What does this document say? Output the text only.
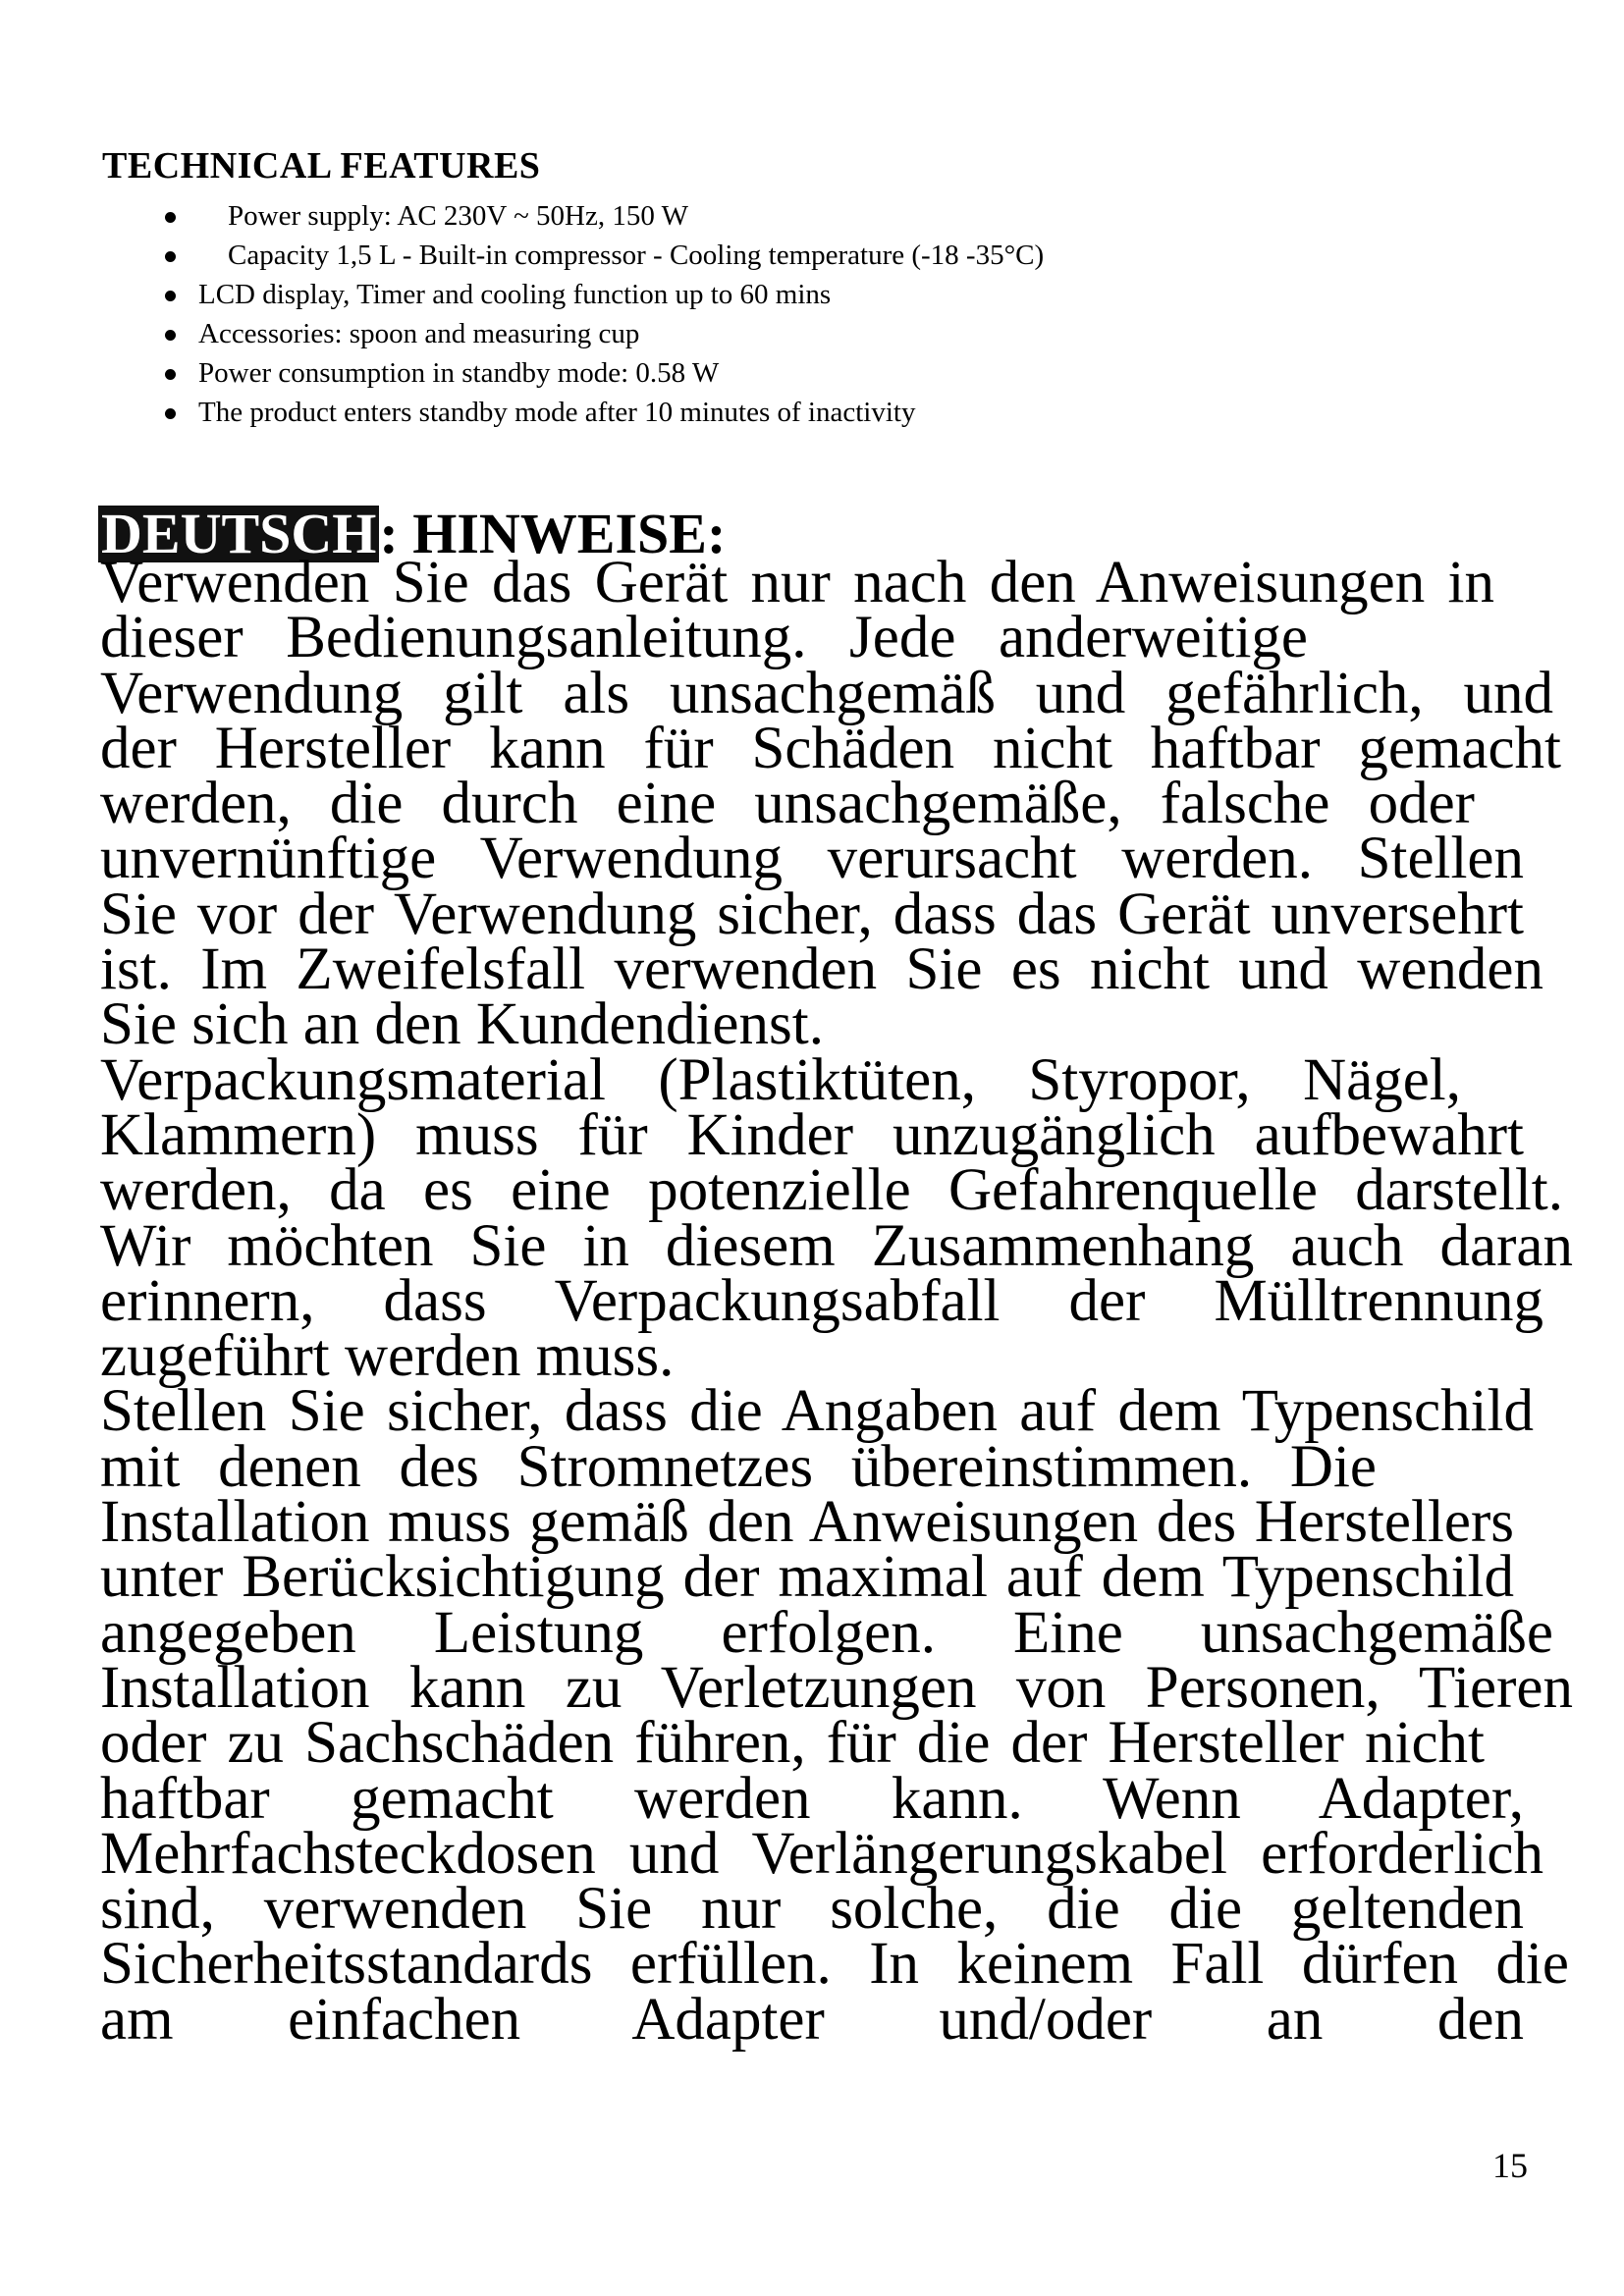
TECHNICAL FEATURES
Power supply: AC 230V ~ 50Hz, 150 W
Capacity 1,5 L - Built-in compressor - Cooling temperature (-18 -35°C)
LCD display, Timer and cooling function up to 60 mins
Accessories: spoon and measuring cup
Power consumption in standby mode: 0.58 W
The product enters standby mode after 10 minutes of inactivity
DEUTSCH: HINWEISE:
Verwenden Sie das Gerät nur nach den Anweisungen in
dieser Bedienungsanleitung. Jede anderweitige
Verwendung gilt als unsachgemäß und gefährlich, und
der Hersteller kann für Schäden nicht haftbar gemacht
werden, die durch eine unsachgemäße, falsche oder
unvernünftige Verwendung verursacht werden. Stellen
Sie vor der Verwendung sicher, dass das Gerät unversehrt
ist. Im Zweifelsfall verwenden Sie es nicht und wenden
Sie sich an den Kundendienst.
Verpackungsmaterial (Plastiktüten, Styropor, Nägel,
Klammern) muss für Kinder unzugänglich aufbewahrt
werden, da es eine potenzielle Gefahrenquelle darstellt.
Wir möchten Sie in diesem Zusammenhang auch daran
erinnern, dass Verpackungsabfall der Mülltrennung
zugeführt werden muss.
Stellen Sie sicher, dass die Angaben auf dem Typenschild
mit denen des Stromnetzes übereinstimmen. Die
Installation muss gemäß den Anweisungen des Herstellers
unter Berücksichtigung der maximal auf dem Typenschild
angegeben Leistung erfolgen. Eine unsachgemäße
Installation kann zu Verletzungen von Personen, Tieren
oder zu Sachschäden führen, für die der Hersteller nicht
haftbar gemacht werden kann. Wenn Adapter,
Mehrfachsteckdosen und Verlängerungskabel erforderlich
sind, verwenden Sie nur solche, die die geltenden
Sicherheitsstandards erfüllen. In keinem Fall dürfen die
am einfachen Adapter und/oder an den
15
